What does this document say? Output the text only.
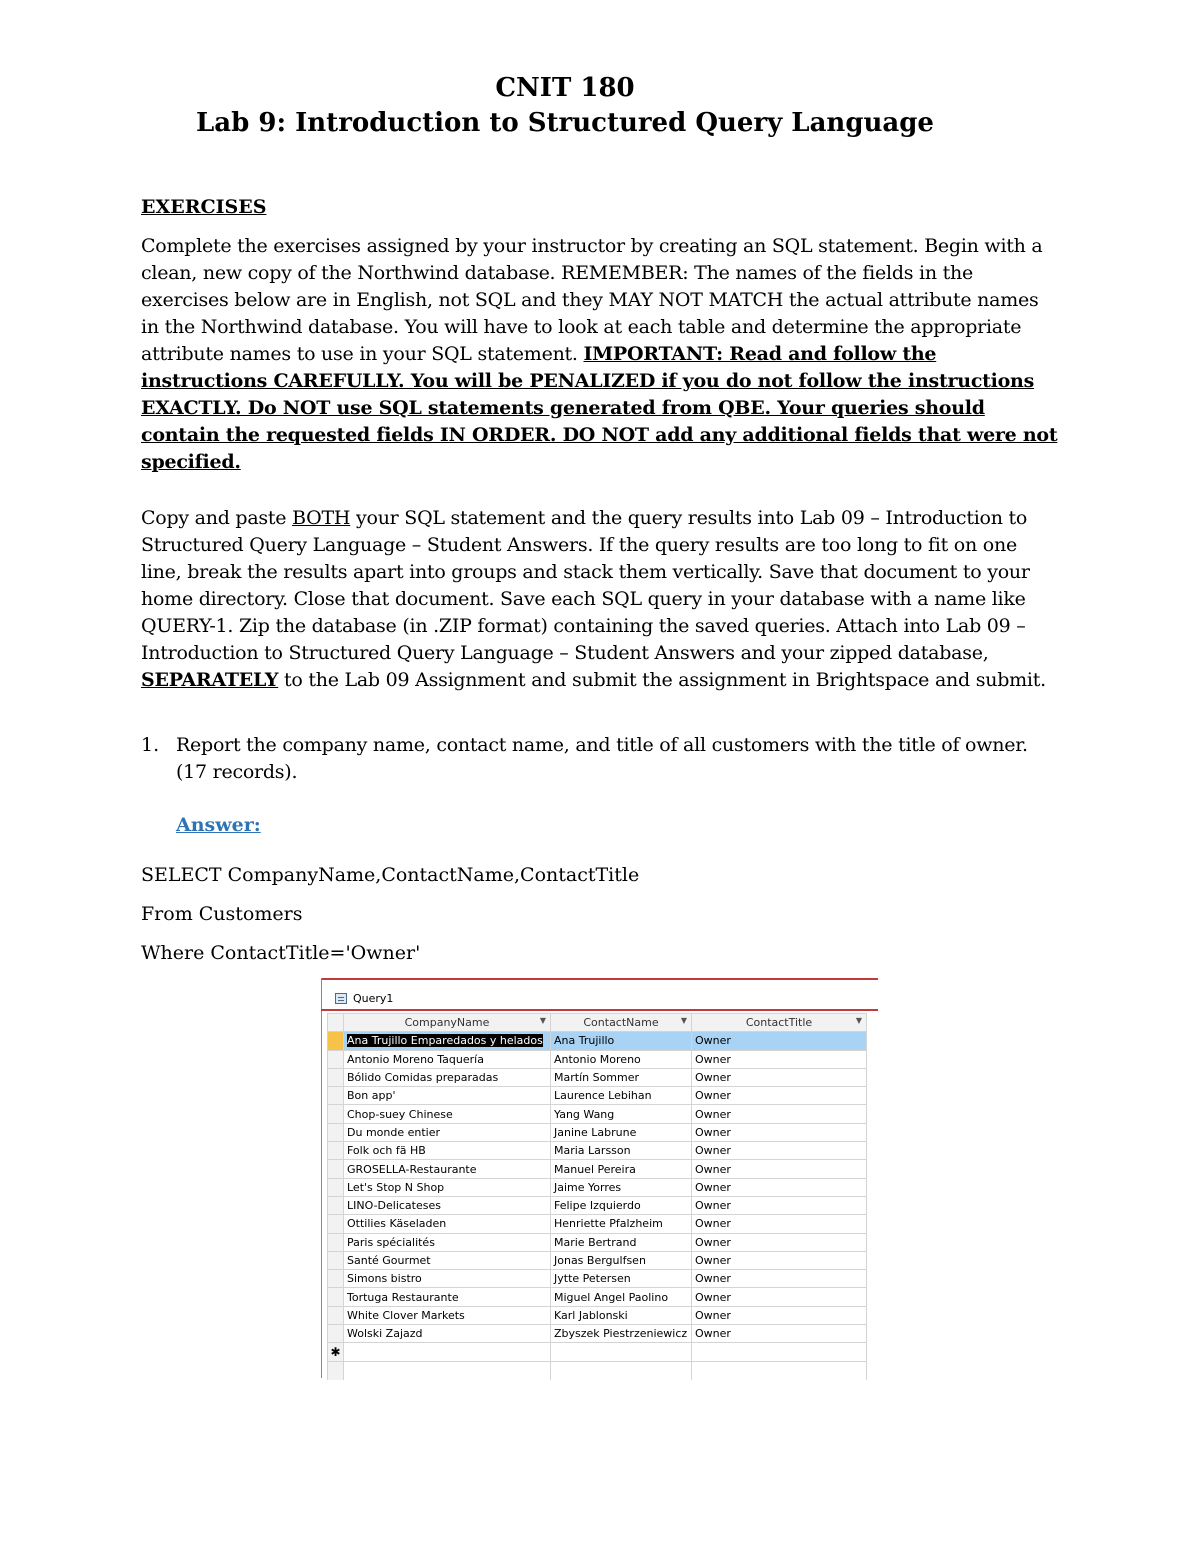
CNIT 180
Lab 9: Introduction to Structured Query Language
EXERCISES
Complete the exercises assigned by your instructor by creating an SQL statement. Begin with a
clean, new copy of the Northwind database. REMEMBER: The names of the fields in the
exercises below are in English, not SQL and they MAY NOT MATCH the actual attribute names
in the Northwind database. You will have to look at each table and determine the appropriate
attribute names to use in your SQL statement. IMPORTANT: Read and follow the
instructions CAREFULLY. You will be PENALIZED if you do not follow the instructions
EXACTLY. Do NOT use SQL statements generated from QBE. Your queries should
contain the requested fields IN ORDER. DO NOT add any additional fields that were not
specified.
Copy and paste BOTH your SQL statement and the query results into Lab 09 – Introduction to
Structured Query Language – Student Answers. If the query results are too long to fit on one
line, break the results apart into groups and stack them vertically. Save that document to your
home directory. Close that document. Save each SQL query in your database with a name like
QUERY-1. Zip the database (in .ZIP format) containing the saved queries. Attach into Lab 09 –
Introduction to Structured Query Language – Student Answers and your zipped database,
SEPARATELY to the Lab 09 Assignment and submit the assignment in Brightspace and submit.
1. Report the company name, contact name, and title of all customers with the title of owner.
(17 records).
Answer:
SELECT CompanyName,ContactName,ContactTitle
From Customers
Where ContactTitle='Owner'
Query1
	CompanyName ▼	ContactName ▼	ContactTitle ▼

	Ana Trujillo Emparedados y helados	Ana Trujillo	Owner
	Antonio Moreno Taquería	Antonio Moreno	Owner
	Bólido Comidas preparadas	Martín Sommer	Owner
	Bon app'	Laurence Lebihan	Owner
	Chop-suey Chinese	Yang Wang	Owner
	Du monde entier	Janine Labrune	Owner
	Folk och fä HB	Maria Larsson	Owner
	GROSELLA-Restaurante	Manuel Pereira	Owner
	Let's Stop N Shop	Jaime Yorres	Owner
	LINO-Delicateses	Felipe Izquierdo	Owner
	Ottilies Käseladen	Henriette Pfalzheim	Owner
	Paris spécialités	Marie Bertrand	Owner
	Santé Gourmet	Jonas Bergulfsen	Owner
	Simons bistro	Jytte Petersen	Owner
	Tortuga Restaurante	Miguel Angel Paolino	Owner
	White Clover Markets	Karl Jablonski	Owner
	Wolski Zajazd	Zbyszek Piestrzeniewicz	Owner
✱			
